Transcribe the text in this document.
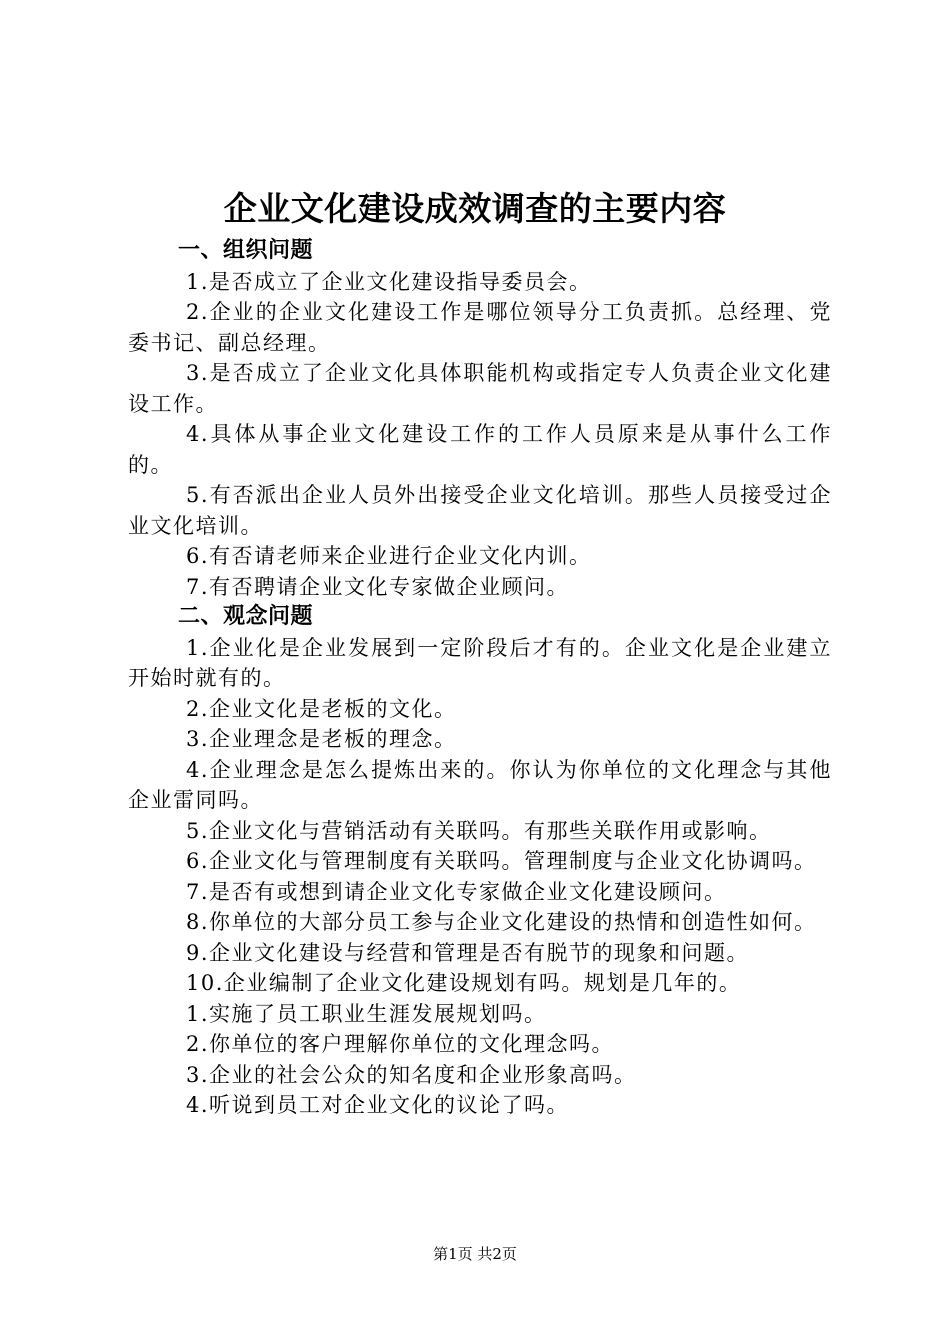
企业文化建设成效调查的主要内容

一、组织问题

1.是否成立了企业文化建设指导委员会。

2.企业的企业文化建设工作是哪位领导分工负责抓。总经理、党委书记、副总经理。

3.是否成立了企业文化具体职能机构或指定专人负责企业文化建设工作。

4.具体从事企业文化建设工作的工作人员原来是从事什么工作的。

5.有否派出企业人员外出接受企业文化培训。那些人员接受过企业文化培训。

6.有否请老师来企业进行企业文化内训。

7.有否聘请企业文化专家做企业顾问。

二、观念问题

1.企业化是企业发展到一定阶段后才有的。企业文化是企业建立开始时就有的。

2.企业文化是老板的文化。

3.企业理念是老板的理念。

4.企业理念是怎么提炼出来的。你认为你单位的文化理念与其他企业雷同吗。

5.企业文化与营销活动有关联吗。有那些关联作用或影响。

6.企业文化与管理制度有关联吗。管理制度与企业文化协调吗。

7.是否有或想到请企业文化专家做企业文化建设顾问。

8.你单位的大部分员工参与企业文化建设的热情和创造性如何。

9.企业文化建设与经营和管理是否有脱节的现象和问题。

10.企业编制了企业文化建设规划有吗。规划是几年的。

1.实施了员工职业生涯发展规划吗。

2.你单位的客户理解你单位的文化理念吗。

3.企业的社会公众的知名度和企业形象高吗。

4.听说到员工对企业文化的议论了吗。

第1页 共2页
